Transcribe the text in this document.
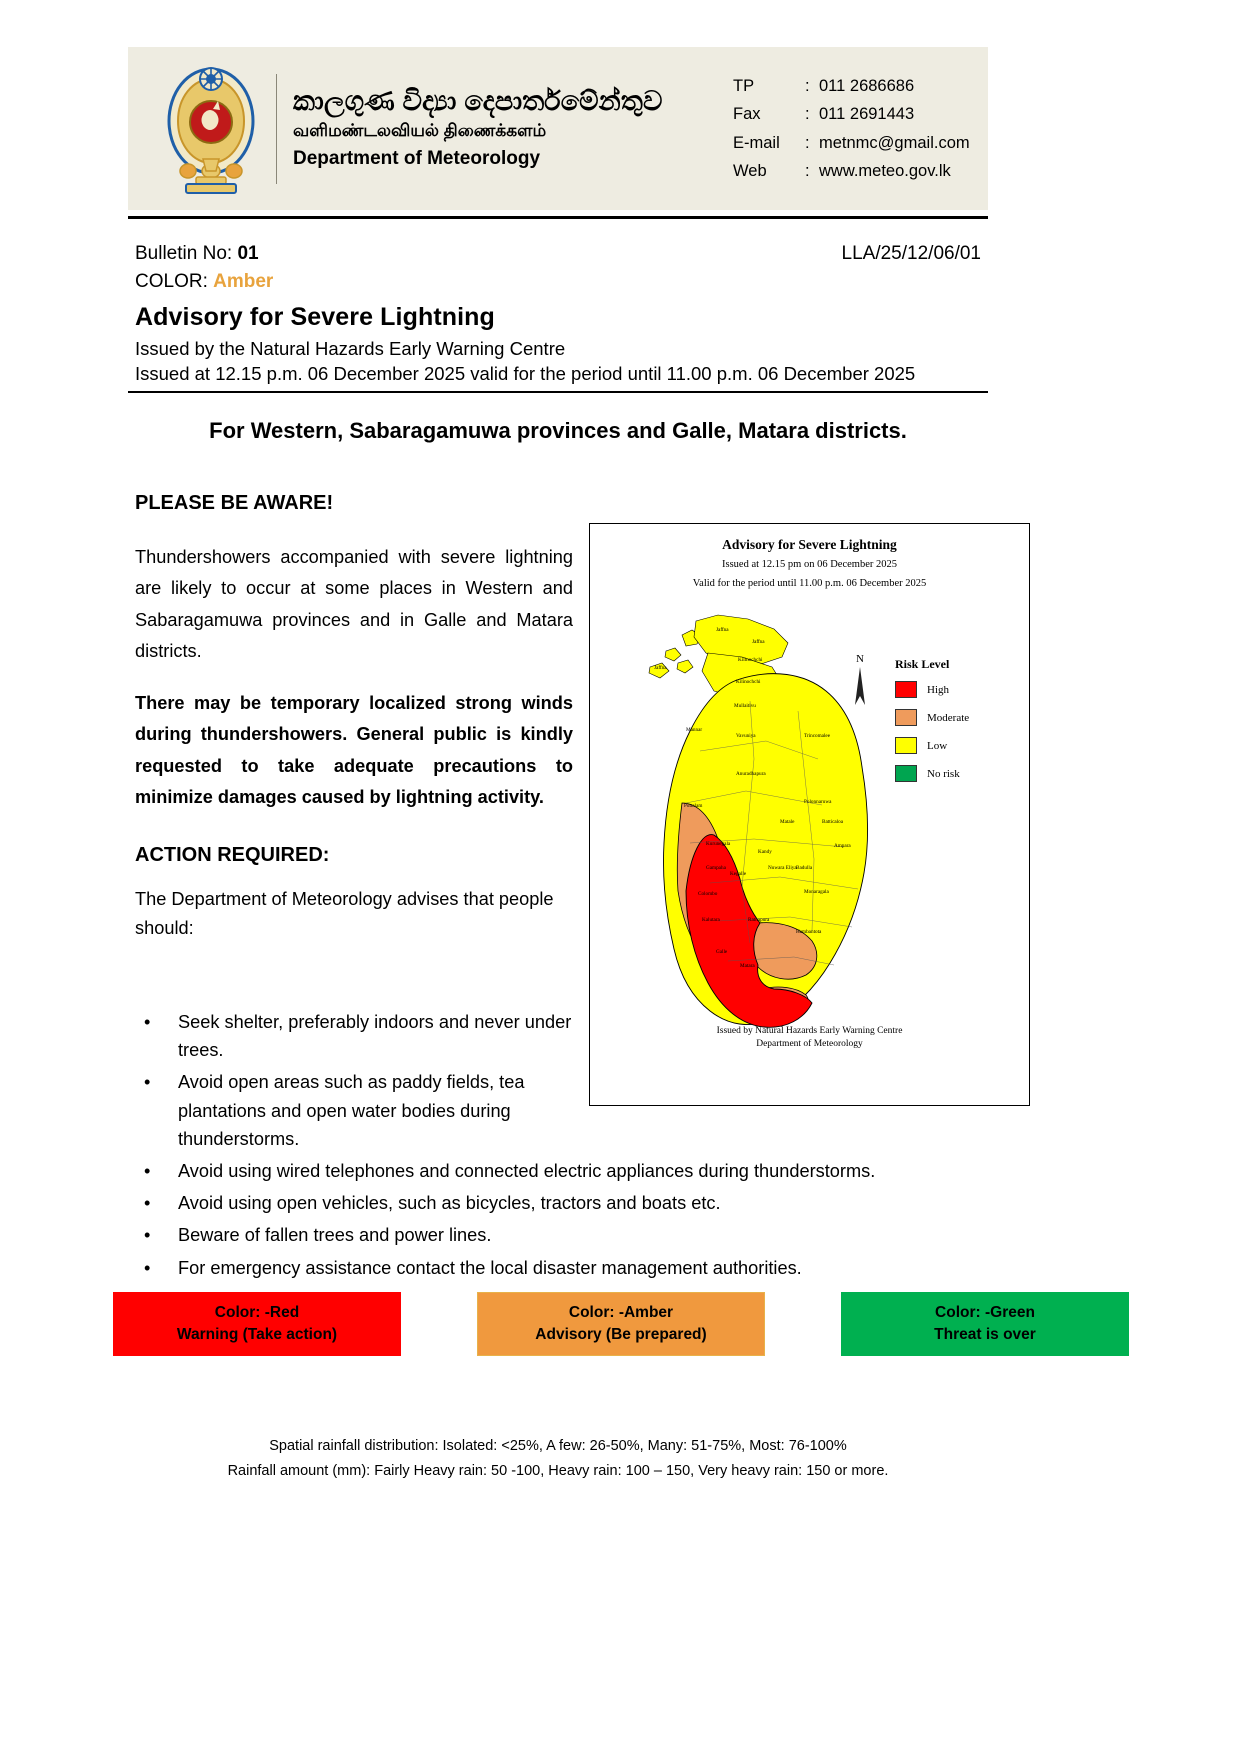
කාලගුණ විද්‍යා දෙපාර්තමේන්තුව
வளிமண்டலவியல் திணைக்களம்
Department of Meteorology
TP	: 011 2686686
Fax	: 011 2691443
E-mail	: metnmc@gmail.com
Web	: www.meteo.gov.lk
Bulletin No: 01	LLA/25/12/06/01
COLOR: Amber
Advisory for Severe Lightning
Issued by the Natural Hazards Early Warning Centre
Issued at 12.15 p.m. 06 December 2025 valid for the period until 11.00 p.m. 06 December 2025
For Western, Sabaragamuwa provinces and Galle, Matara districts.
PLEASE BE AWARE!
Thundershowers accompanied with severe lightning are likely to occur at some places in Western and Sabaragamuwa provinces and in Galle and Matara districts.
There may be temporary localized strong winds during thundershowers. General public is kindly requested to take adequate precautions to minimize damages caused by lightning activity.
ACTION REQUIRED:
The Department of Meteorology advises that people should:
Advisory for Severe Lightning
Issued at 12.15 pm on 06 December 2025
Valid for the period until 11.00 p.m. 06 December 2025
Jaffna
Jaffna
Kilinochchi
Jaffna
Kilinochchi
Mullaitivu
Mannar
Vavuniya	Trincomalee
Anuradhapura
Puttalam
Polonnaruwa
Matale	Batticaloa
Kurunegala
Kandy
Ampara
Gampaha
Kegalle
Nuwara Eliya Badulla
Colombo	Monaragala
Kalutara	Ratnapura
Hambantota
Galle
Matara
N	Risk Level
High
Moderate
Low
No risk
Issued by Natural Hazards Early Warning Centre
Department of Meteorology
•	Seek shelter, preferably indoors and never under trees.
•	Avoid open areas such as paddy fields, tea plantations and open water bodies during thunderstorms.
•	Avoid using wired telephones and connected electric appliances during thunderstorms.
•	Avoid using open vehicles, such as bicycles, tractors and boats etc.
•	Beware of fallen trees and power lines.
•	For emergency assistance contact the local disaster management authorities.
Color: -Red
Warning (Take action)
Color: -Amber
Advisory (Be prepared)
Color: -Green
Threat is over
Spatial rainfall distribution: Isolated: <25%, A few: 26-50%, Many: 51-75%, Most: 76-100%
Rainfall amount (mm): Fairly Heavy rain: 50 -100, Heavy rain: 100 – 150, Very heavy rain: 150 or more.
